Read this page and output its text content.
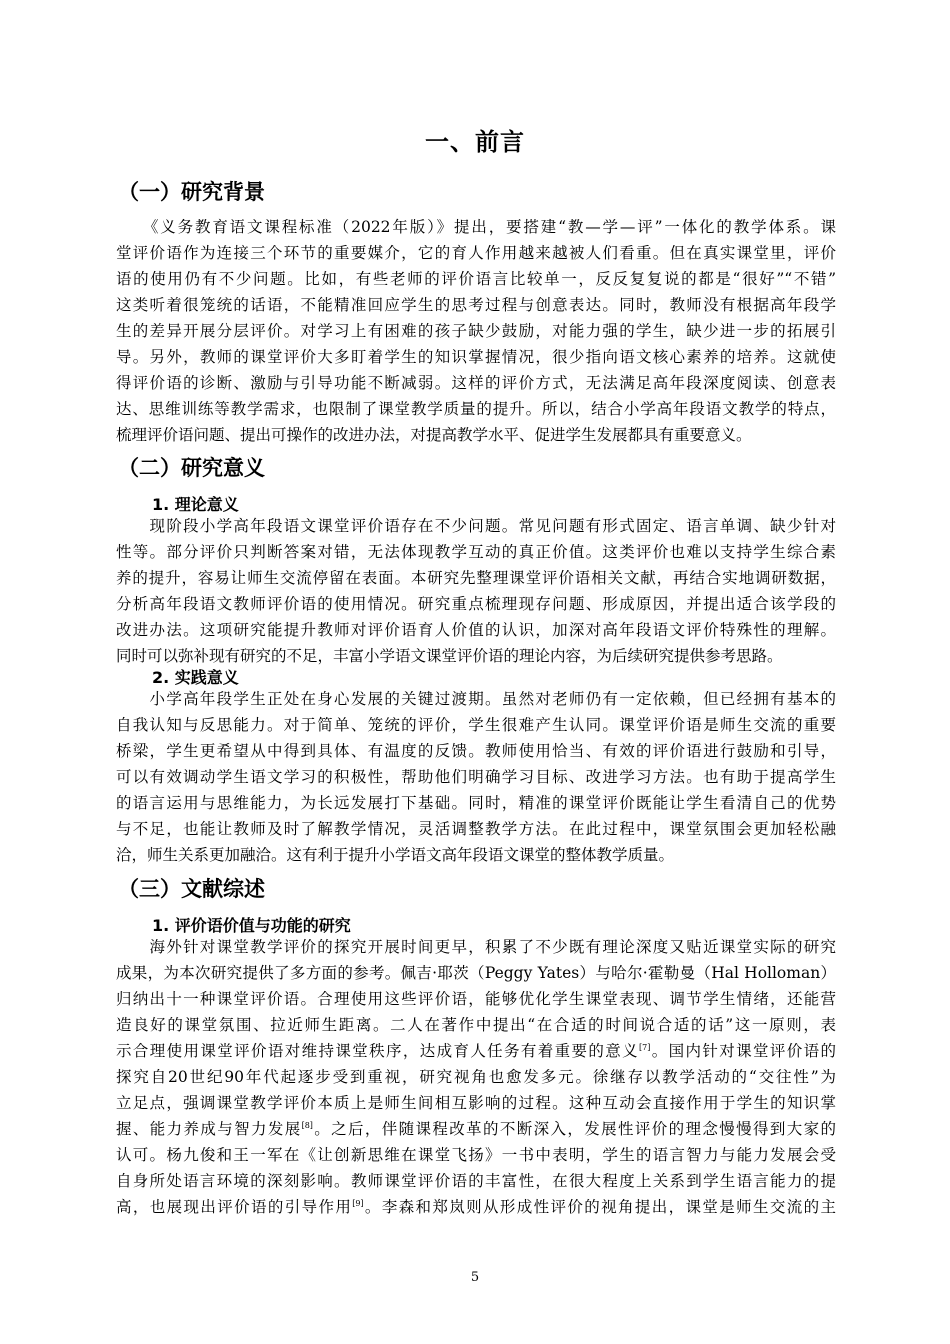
一、前言
（一）研究背景
　　《义务教育语文课程标准（2022年版）》提出，要搭建“教—学—评”一体化的教学体系。课
堂评价语作为连接三个环节的重要媒介，它的育人作用越来越被人们看重。但在真实课堂里，评价
语的使用仍有不少问题。比如，有些老师的评价语言比较单一，反反复复说的都是“很好”“不错”
这类听着很笼统的话语，不能精准回应学生的思考过程与创意表达。同时，教师没有根据高年段学
生的差异开展分层评价。对学习上有困难的孩子缺少鼓励，对能力强的学生，缺少进一步的拓展引
导。另外，教师的课堂评价大多盯着学生的知识掌握情况，很少指向语文核心素养的培养。这就使
得评价语的诊断、激励与引导功能不断减弱。这样的评价方式，无法满足高年段深度阅读、创意表
达、思维训练等教学需求，也限制了课堂教学质量的提升。所以，结合小学高年段语文教学的特点，
梳理评价语问题、提出可操作的改进办法，对提高教学水平、促进学生发展都具有重要意义。
（二）研究意义
1. 理论意义
　　现阶段小学高年段语文课堂评价语存在不少问题。常见问题有形式固定、语言单调、缺少针对
性等。部分评价只判断答案对错，无法体现教学互动的真正价值。这类评价也难以支持学生综合素
养的提升，容易让师生交流停留在表面。本研究先整理课堂评价语相关文献，再结合实地调研数据，
分析高年段语文教师评价语的使用情况。研究重点梳理现存问题、形成原因，并提出适合该学段的
改进办法。这项研究能提升教师对评价语育人价值的认识，加深对高年段语文评价特殊性的理解。
同时可以弥补现有研究的不足，丰富小学语文课堂评价语的理论内容，为后续研究提供参考思路。
2. 实践意义
　　小学高年段学生正处在身心发展的关键过渡期。虽然对老师仍有一定依赖，但已经拥有基本的
自我认知与反思能力。对于简单、笼统的评价，学生很难产生认同。课堂评价语是师生交流的重要
桥梁，学生更希望从中得到具体、有温度的反馈。教师使用恰当、有效的评价语进行鼓励和引导，
可以有效调动学生语文学习的积极性，帮助他们明确学习目标、改进学习方法。也有助于提高学生
的语言运用与思维能力，为长远发展打下基础。同时，精准的课堂评价既能让学生看清自己的优势
与不足，也能让教师及时了解教学情况，灵活调整教学方法。在此过程中，课堂氛围会更加轻松融
洽，师生关系更加融洽。这有利于提升小学语文高年段语文课堂的整体教学质量。
（三）文献综述
1. 评价语价值与功能的研究
　　海外针对课堂教学评价的探究开展时间更早，积累了不少既有理论深度又贴近课堂实际的研究
成果，为本次研究提供了多方面的参考。佩吉·耶茨（Peggy Yates）与哈尔·霍勒曼（Hal Holloman）
归纳出十一种课堂评价语。合理使用这些评价语，能够优化学生课堂表现、调节学生情绪，还能营
造良好的课堂氛围、拉近师生距离。二人在著作中提出“在合适的时间说合适的话”这一原则，表
示合理使用课堂评价语对维持课堂秩序，达成育人任务有着重要的意义[7]。国内针对课堂评价语的
探究自20世纪90年代起逐步受到重视，研究视角也愈发多元。徐继存以教学活动的“交往性”为
立足点，强调课堂教学评价本质上是师生间相互影响的过程。这种互动会直接作用于学生的知识掌
握、能力养成与智力发展[8]。之后，伴随课程改革的不断深入，发展性评价的理念慢慢得到大家的
认可。杨九俊和王一军在《让创新思维在课堂飞扬》一书中表明，学生的语言智力与能力发展会受
自身所处语言环境的深刻影响。教师课堂评价语的丰富性，在很大程度上关系到学生语言能力的提
高，也展现出评价语的引导作用[9]。李森和郑岚则从形成性评价的视角提出，课堂是师生交流的主
5
